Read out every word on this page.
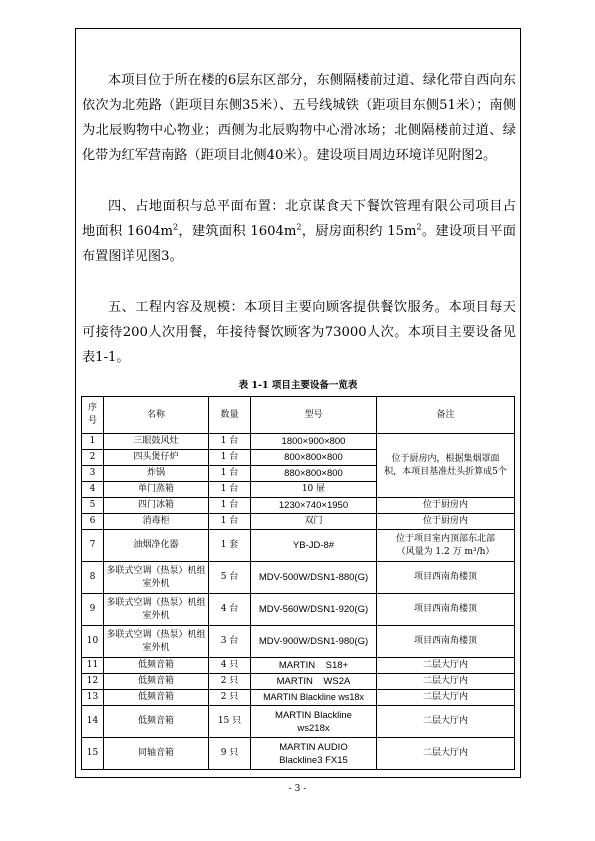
本项目位于所在楼的6层东区部分，东侧隔楼前过道、绿化带自西向东依次为北苑路（距项目东侧35米）、五号线城铁（距项目东侧51米）；南侧为北辰购物中心物业；西侧为北辰购物中心滑冰场；北侧隔楼前过道、绿化带为红军营南路（距项目北侧40米）。建设项目周边环境详见附图2。

四、占地面积与总平面布置：北京谋食天下餐饮管理有限公司项目占地面积 $1604m^2$，建筑面积 $1604m^2$，厨房面积约 $15m^2$。建设项目平面布置图详见图3。

五、工程内容及规模：本项目主要向顾客提供餐饮服务。本项目每天可接待200人次用餐，年接待餐饮顾客为73000人次。本项目主要设备见表1-1。

表 1-1 项目主要设备一览表
序号	名称	数量	型号	备注
1	三眼鼓风灶	1 台	1800×900×800	位于厨房内，根据集烟罩面积，本项目基准灶头折算成5个
2	四头煲仔炉	1 台	800×800×800	
3	炸锅	1 台	880×800×800	
4	单门蒸箱	1 台	10 屉	
5	四门冰箱	1 台	1230×740×1950	位于厨房内
6	消毒柜	1 台	双门	位于厨房内
7	油烟净化器	1 套	YB-JD-8#	位于项目室内顶部东北部
（风量为 1.2 万 m³/h）

8	多联式空调（热泵）机组室外机	5 台	MDV-500W/DSN1-880(G)	项目西南角楼顶
9	多联式空调（热泵）机组室外机	4 台	MDV-560W/DSN1-920(G)	项目西南角楼顶
10	多联式空调（热泵）机组室外机	3 台	MDV-900W/DSN1-980(G)	项目西南角楼顶
11	低频音箱	4 只	MARTIN    S18+	二层大厅内
12	低频音箱	2 只	MARTIN    WS2A	二层大厅内
13	低频音箱	2 只	MARTIN Blackline ws18x	二层大厅内
14	低频音箱	15 只	MARTIN Blackline ws218x	二层大厅内
15	同轴音箱	9 只	MARTIN AUDIO Blackline3 FX15	二层大厅内
- 3 -
